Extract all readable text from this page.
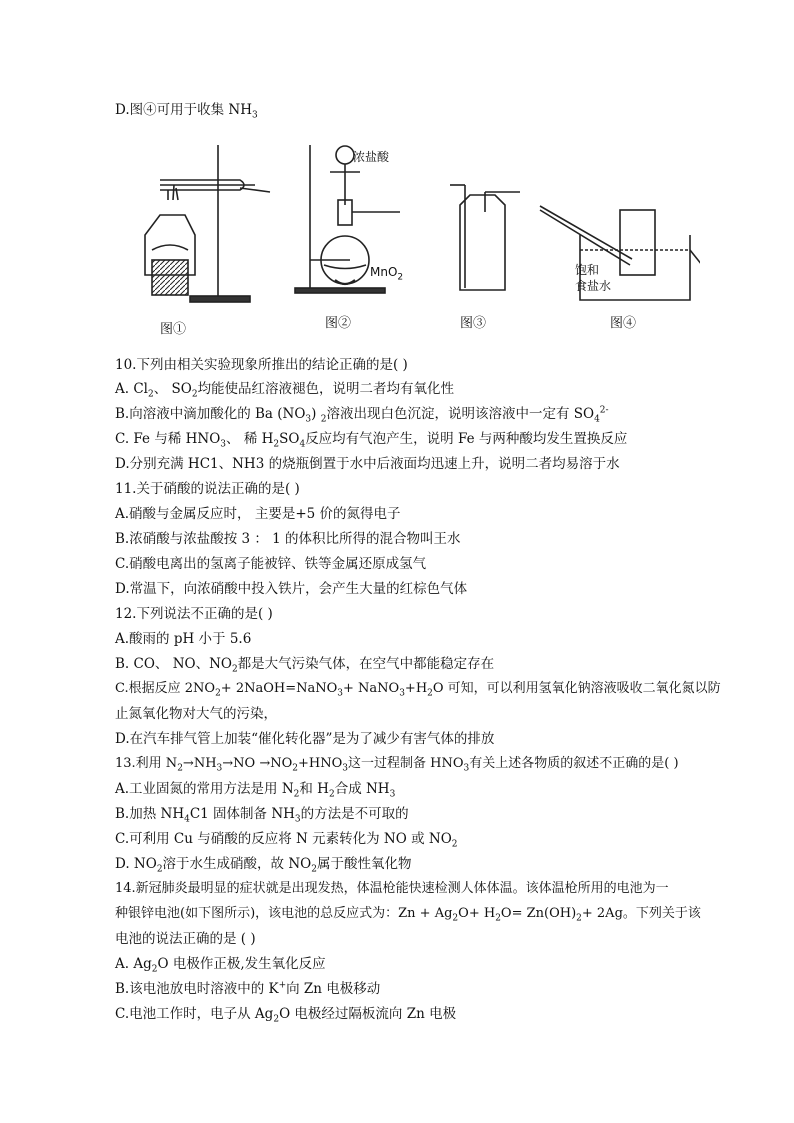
D.图④可用于收集 $NH_3$
浓盐酸
MnO$_2$
图①	图②	图③	图④
饱和
食盐水
10.下列由相关实验现象所推出的结论正确的是( )
A. $Cl_2$、 $SO_2$均能使品红溶液褪色，说明二者均有氧化性
B.向溶液中滴加酸化的 Ba $(NO_3)$ $_2$溶液出现白色沉淀，说明该溶液中一定有 $SO_4^{2-}$
C. Fe 与稀 $HNO_3$、 稀 $H_2SO_4$反应均有气泡产生，说明 Fe 与两种酸均发生置换反应
D.分别充满 HC1、NH3 的烧瓶倒置于水中后液面均迅速上升，说明二者均易溶于水
11.关于硝酸的说法正确的是( )
A.硝酸与金属反应时， 主要是+5 价的氮得电子
B.浓硝酸与浓盐酸按 3 ： 1 的体积比所得的混合物叫王水
C.硝酸电离出的氢离子能被锌、铁等金属还原成氢气
D.常温下，向浓硝酸中投入铁片，会产生大量的红棕色气体
12.下列说法不正确的是( )
A.酸雨的 pH 小于 5.6
B. CO、 NO、$NO_2$都是大气污染气体，在空气中都能稳定存在
C.根据反应 $2NO_2+$ 2NaOH=NaNO$_3$+ $NaNO_3+H_2O$ 可知，可以利用氢氧化钠溶液吸收二氧化氮以防
止氮氧化物对大气的污染，
D.在汽车排气管上加装“催化转化器”是为了减少有害气体的排放
13.利用 $N_2\to NH_3\to NO \to NO_2+HNO_3$这一过程制备 $HNO_3$有关上述各物质的叙述不正确的是( )
A.工业固氮的常用方法是用 $N_2$和 $H_2$合成 $NH_3$
B.加热 $NH_4C1$ 固体制备 $NH_3$的方法是不可取的
C.可利用 Cu 与硝酸的反应将 N 元素转化为 NO 或 $NO_2$
D. $NO_2$溶于水生成硝酸，故 $NO_2$属于酸性氧化物
14.新冠肺炎最明显的症状就是出现发热，体温枪能快速检测人体体温。该体温枪所用的电池为一
种银锌电池(如下图所示)，该电池的总反应式为：$Zn + Ag_2O+ H_2O= Zn(OH)_2+ 2Ag$。下列关于该
电池的说法正确的是 ( )
A. $Ag_2O$ 电极作正极,发生氧化反应
B.该电池放电时溶液中的 K+向 Zn 电极移动
C.电池工作时，电子从 $Ag_2O$ 电极经过隔板流向 Zn 电极
